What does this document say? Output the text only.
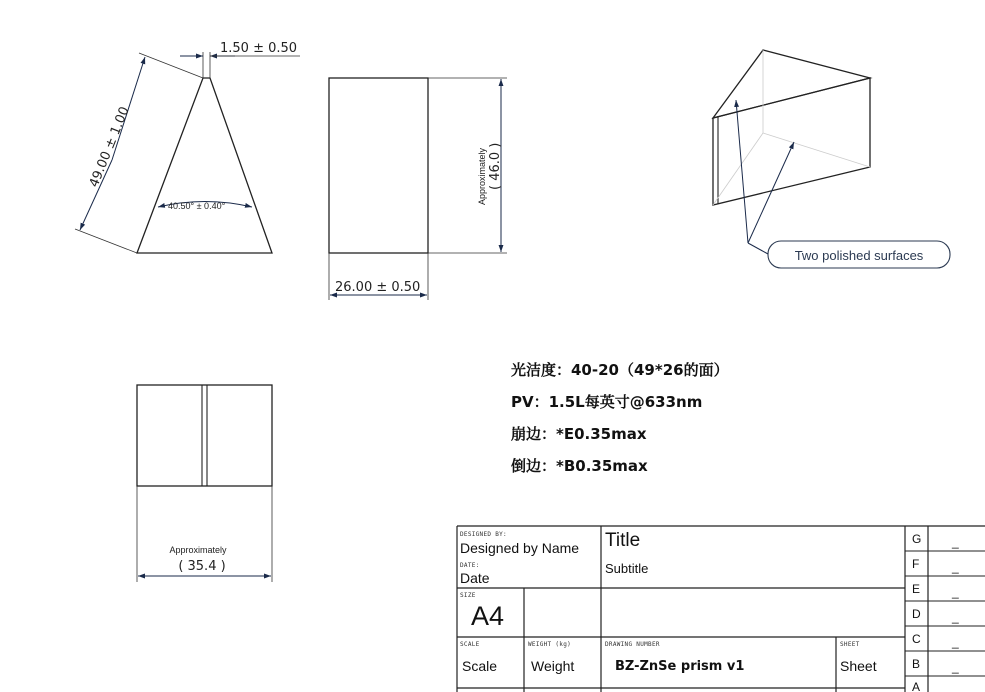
1.50 ± 0.50
49.00 ± 1.00
40.50° ± 0.40°
Approximately ( 46.0 )
26.00 ± 0.50
Two polished surfaces
Approximately
( 35.4 )
光洁度：40-20（49*26的面）
PV：1.5L每英寸@633nm
崩边：*E0.35max
倒边：*B0.35max
DESIGNED BY:
Designed by Name
DATE:
Date
Title
Subtitle
SIZE
A4
SCALE
Scale
WEIGHT (kg)
Weight
DRAWING NUMBER
BZ-ZnSe prism v1
SHEET
Sheet
G	_
F	_
E	_
D	_
C	_
B	_
A
